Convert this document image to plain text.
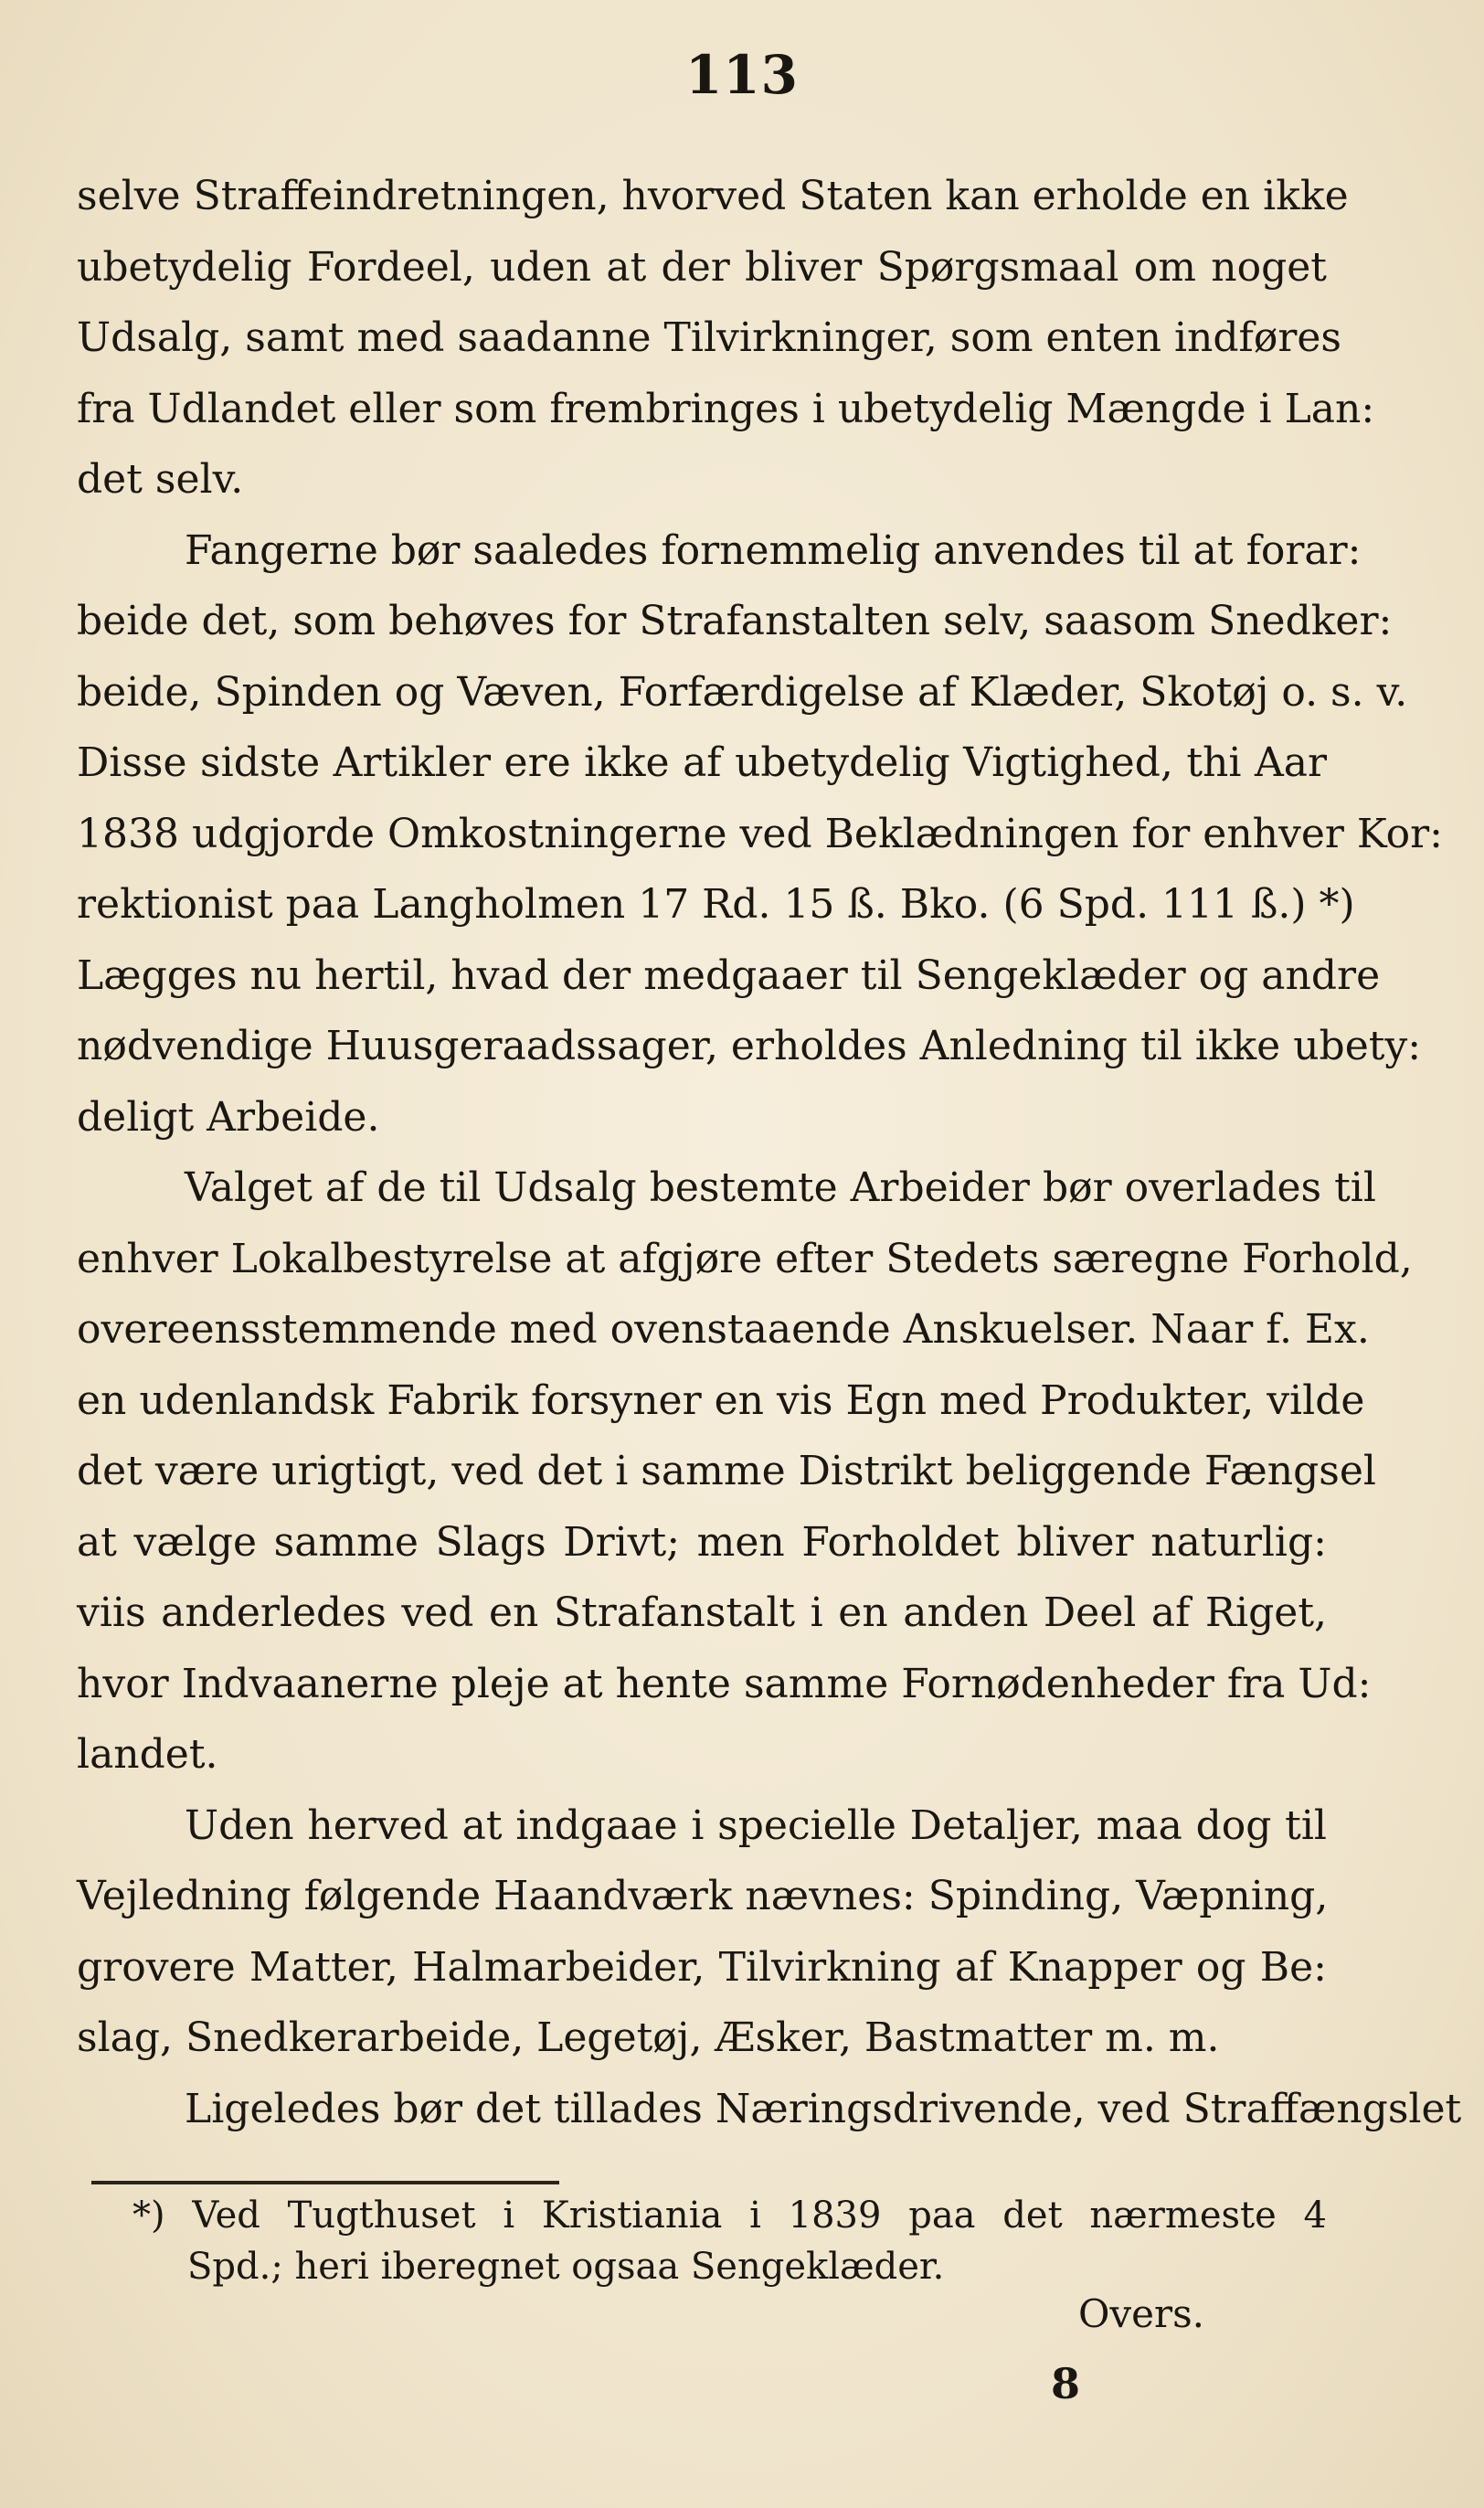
113
selve Straffeindretningen, hvorved Staten kan erholde en ikke
ubetydelig Fordeel, uden at der bliver Spørgsmaal om noget
Udsalg, samt med saadanne Tilvirkninger, som enten indføres
fra Udlandet eller som frembringes i ubetydelig Mængde i Lan:
det selv.
Fangerne bør saaledes fornemmelig anvendes til at forar:
beide det, som behøves for Strafanstalten selv, saasom Snedker:
beide, Spinden og Væven, Forfærdigelse af Klæder, Skotøj o. s. v.
Disse sidste Artikler ere ikke af ubetydelig Vigtighed, thi Aar
1838 udgjorde Omkostningerne ved Beklædningen for enhver Kor:
rektionist paa Langholmen 17 Rd. 15 ß. Bko. (6 Spd. 111 ß.) *)
Lægges nu hertil, hvad der medgaaer til Sengeklæder og andre
nødvendige Huusgeraadssager, erholdes Anledning til ikke ubety:
deligt Arbeide.
Valget af de til Udsalg bestemte Arbeider bør overlades til
enhver Lokalbestyrelse at afgjøre efter Stedets særegne Forhold,
overeensstemmende med ovenstaaende Anskuelser. Naar f. Ex.
en udenlandsk Fabrik forsyner en vis Egn med Produkter, vilde
det være urigtigt, ved det i samme Distrikt beliggende Fængsel
at vælge samme Slags Drivt; men Forholdet bliver naturlig:
viis anderledes ved en Strafanstalt i en anden Deel af Riget,
hvor Indvaanerne pleje at hente samme Fornødenheder fra Ud:
landet.
Uden herved at indgaae i specielle Detaljer, maa dog til
Vejledning følgende Haandværk nævnes: Spinding, Væpning,
grovere Matter, Halmarbeider, Tilvirkning af Knapper og Be:
slag, Snedkerarbeide, Legetøj, Æsker, Bastmatter m. m.
Ligeledes bør det tillades Næringsdrivende, ved Straffængslet
*) Ved Tugthuset i Kristiania i 1839 paa det nærmeste 4
Spd.; heri iberegnet ogsaa Sengeklæder.
Overs.
8
